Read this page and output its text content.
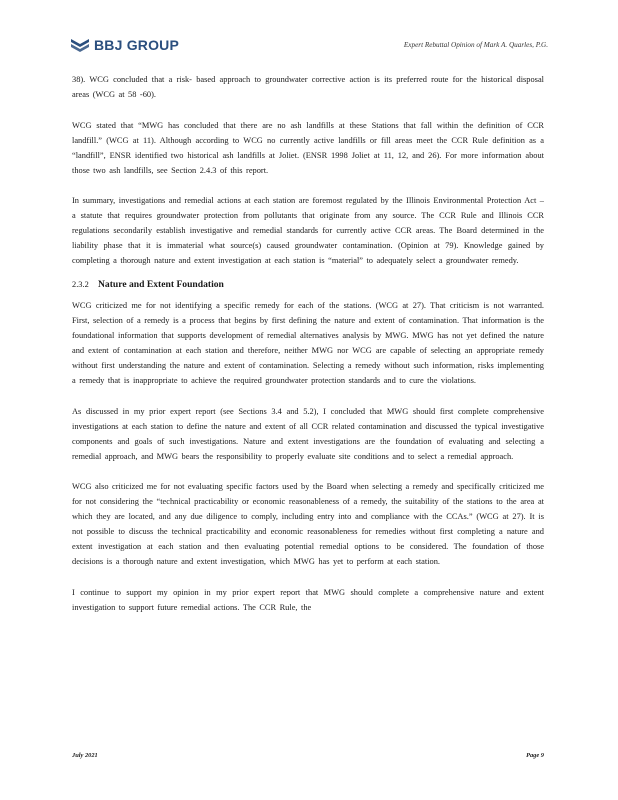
BBJ GROUP	Expert Rebuttal Opinion of Mark A. Quarles, P.G.

38). WCG concluded that a risk- based approach to groundwater corrective action is its preferred route for the historical disposal areas (WCG at 58 -60).

WCG stated that “MWG has concluded that there are no ash landfills at these Stations that fall within the definition of CCR landfill.” (WCG at 11). Although according to WCG no currently active landfills or fill areas meet the CCR Rule definition as a “landfill”, ENSR identified two historical ash landfills at Joliet. (ENSR 1998 Joliet at 11, 12, and 26). For more information about those two ash landfills, see Section 2.4.3 of this report.

In summary, investigations and remedial actions at each station are foremost regulated by the Illinois Environmental Protection Act – a statute that requires groundwater protection from pollutants that originate from any source. The CCR Rule and Illinois CCR regulations secondarily establish investigative and remedial standards for currently active CCR areas. The Board determined in the liability phase that it is immaterial what source(s) caused groundwater contamination. (Opinion at 79). Knowledge gained by completing a thorough nature and extent investigation at each station is “material” to adequately select a groundwater remedy.

2.3.2 Nature and Extent Foundation

WCG criticized me for not identifying a specific remedy for each of the stations. (WCG at 27). That criticism is not warranted. First, selection of a remedy is a process that begins by first defining the nature and extent of contamination. That information is the foundational information that supports development of remedial alternatives analysis by MWG. MWG has not yet defined the nature and extent of contamination at each station and therefore, neither MWG nor WCG are capable of selecting an appropriate remedy without first understanding the nature and extent of contamination. Selecting a remedy without such information, risks implementing a remedy that is inappropriate to achieve the required groundwater protection standards and to cure the violations.

As discussed in my prior expert report (see Sections 3.4 and 5.2), I concluded that MWG should first complete comprehensive investigations at each station to define the nature and extent of all CCR related contamination and discussed the typical investigative components and goals of such investigations. Nature and extent investigations are the foundation of evaluating and selecting a remedial approach, and MWG bears the responsibility to properly evaluate site conditions and to select a remedial approach.

WCG also criticized me for not evaluating specific factors used by the Board when selecting a remedy and specifically criticized me for not considering the “technical practicability or economic reasonableness of a remedy, the suitability of the stations to the area at which they are located, and any due diligence to comply, including entry into and compliance with the CCAs.” (WCG at 27). It is not possible to discuss the technical practicability and economic reasonableness for remedies without first completing a nature and extent investigation at each station and then evaluating potential remedial options to be considered. The foundation of those decisions is a thorough nature and extent investigation, which MWG has yet to perform at each station.

I continue to support my opinion in my prior expert report that MWG should complete a comprehensive nature and extent investigation to support future remedial actions. The CCR Rule, the

July 2021	Page 9
